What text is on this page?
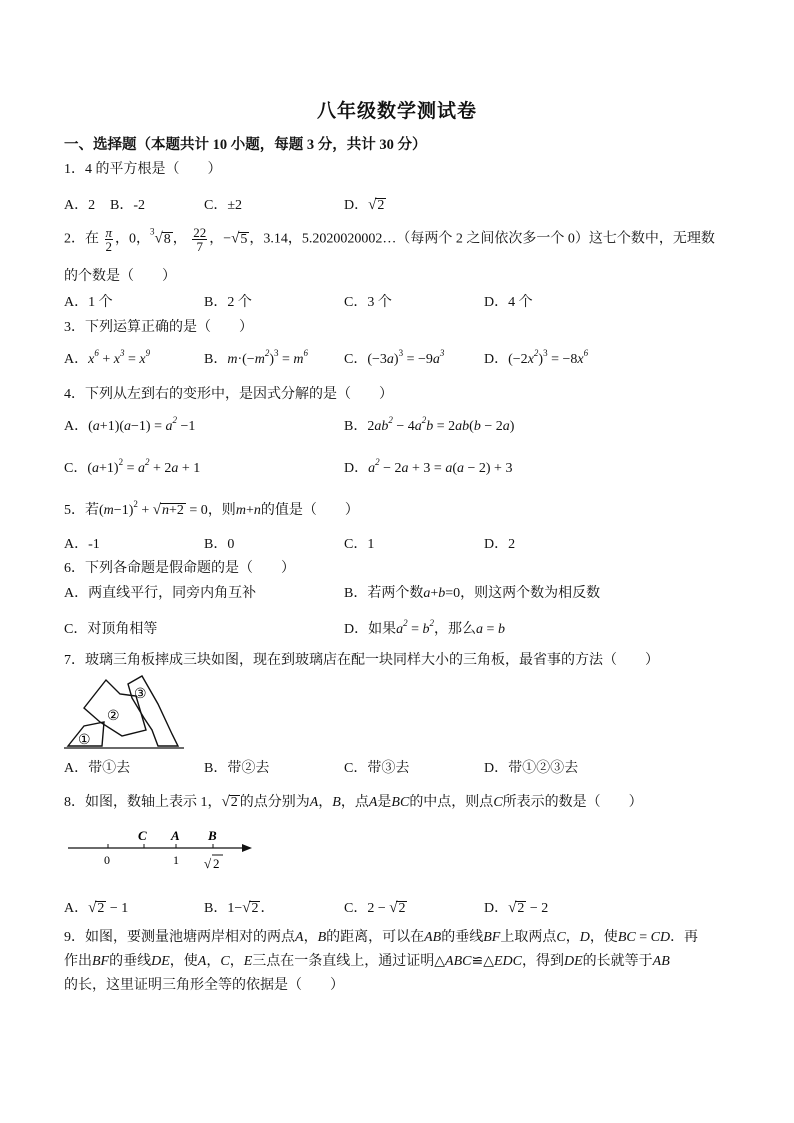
八年级数学测试卷
一、选择题（本题共计 10 小题，每题 3 分，共计 30 分）
1．4 的平方根是（　　）
A．2 B．-2	C．±2	D．√2
2．在 $\frac{\pi}{2}$ ，0，$^3$√8 ， $\frac{22}{7}$ ，−√5 ，3.14，5.2020020002…（每两个 2 之间依次多一个 0）这七个数中，无理数
的个数是（　　）
A．1 个	B．2 个	C．3 个	D．4 个
3．下列运算正确的是（　　）
A．$x^6 + x^3 = x^9$	B．$m\cdot(-m^2)^3 = m^6$	C．$(-3a)^3 = -9a^3$	D．$(-2x^2)^3 = -8x^6$
4．下列从左到右的变形中，是因式分解的是（　　）
A．$(a+1)(a-1) = a^2 -1$	B．$2ab^2 - 4a^2b = 2ab(b - 2a)$
C．$(a+1)^2 = a^2 + 2a + 1$	D．$a^2 - 2a + 3 = a(a - 2) + 3$
5．若$(m-1)^2 + √n+2 = 0$，则m+n的值是（　　）
A．-1	B．0	C．1	D．2
6．下列各命题是假命题的是（　　）
A．两直线平行，同旁内角互补	B．若两个数a+b=0，则这两个数为相反数
C．对顶角相等	D．如果$a^2 = b^2$，那么a = b
7．玻璃三角板摔成三块如图，现在到玻璃店在配一块同样大小的三角板，最省事的方法（　　）
①
②
③
A．带①去	B．带②去	C．带③去	D．带①②③去
8．如图，数轴上表示 1，√2 的点分别为A，B，点A是BC的中点，则点C所表示的数是（　　）
C A B
0	1 √ 2
A．√2 − 1	B．1−√2 ．	C．2 − √2	D．√2 − 2
9．如图，要测量池塘两岸相对的两点A，B的距离，可以在AB的垂线BF上取两点C，D，使BC = CD．再
作出BF的垂线DE，使A，C，E三点在一条直线上，通过证明△ABC≌△EDC，得到DE的长就等于AB
的长，这里证明三角形全等的依据是（　　）
